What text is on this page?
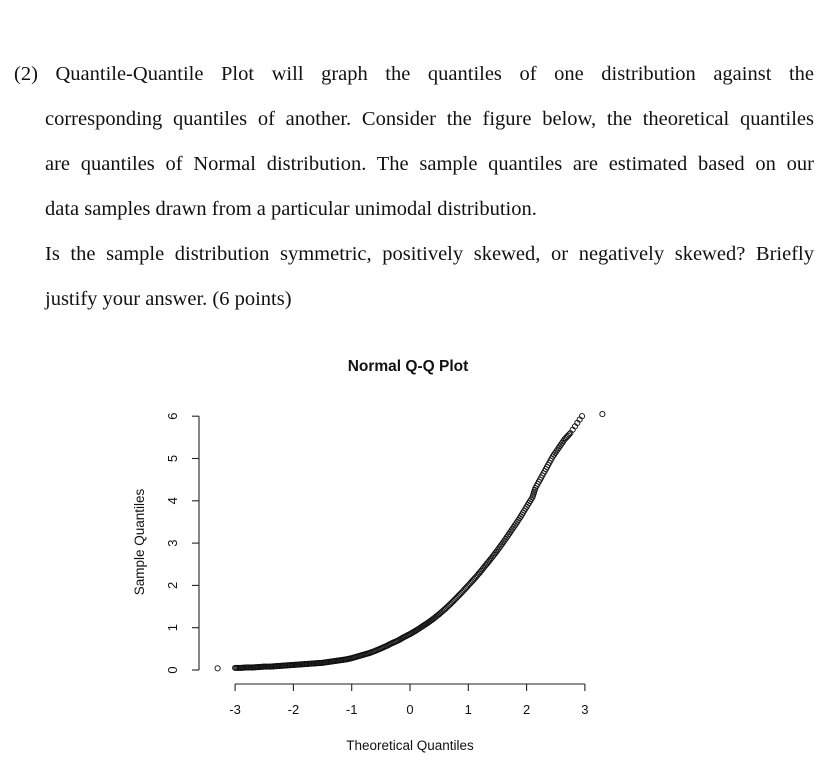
(2) Quantile-Quantile Plot will graph the quantiles of one distribution against the
corresponding quantiles of another. Consider the figure below, the theoretical quantiles
are quantiles of Normal distribution. The sample quantiles are estimated based on our
data samples drawn from a particular unimodal distribution.
Is the sample distribution symmetric, positively skewed, or negatively skewed? Briefly
justify your answer. (6 points)
Normal Q-Q Plot
Theoretical Quantiles
Sample Quantiles
-3	-2	-1	0	1	2	3
0
1
2
3
4
5
6
